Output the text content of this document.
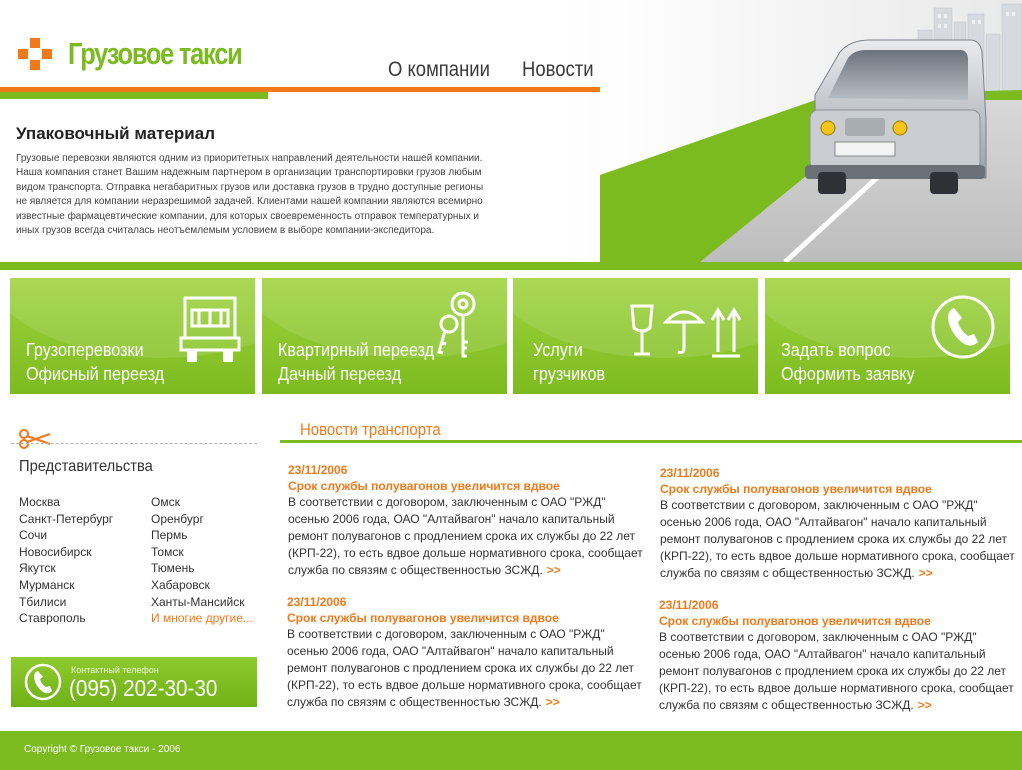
Грузовое такси	О компании Новости
Упаковочный материал

Грузовые перевозки являются одним из приоритетных направлений деятельности нашей компании. Наша компания станет Вашим надежным партнером в организации транспортировки грузов любым видом транспорта. Отправка негабаритных грузов или доставка грузов в трудно доступные регионы не является для компании неразрешимой задачей. Клиентами нашей компании являются всемирно известные фармацевтические компании, для которых своевременность отправок температурных и иных грузов всегда считалась неотъемлемым условием в выборе компании-экспедитора.

Грузоперевозки
Офисный переезд
Квартирный переезд
Дачный переезд
Услуги
грузчиков
Задать вопрос
Оформить заявку
Представительства
Москва
Санкт-Петербург
Сочи
Новосибирск
Якутск
Мурманск
Тбилиси
Ставрополь
Омск
Оренбург
Пермь
Томск
Тюмень
Хабаровск
Ханты-Мансийск
И многие другие...
Контактный телефон
(095) 202-30-30
Новости транспорта
23/11/2006
Срок службы полувагонов увеличится вдвое
В соответствии с договором, заключенным с ОАО "РЖД" осенью 2006 года, ОАО "Алтайвагон" начало капитальный ремонт полувагонов с продлением срока их службы до 22 лет (КРП-22), то есть вдвое дольше нормативного срока, сообщает служба по связям с общественностью ЗСЖД. >>
23/11/2006
Срок службы полувагонов увеличится вдвое
В соответствии с договором, заключенным с ОАО "РЖД" осенью 2006 года, ОАО "Алтайвагон" начало капитальный ремонт полувагонов с продлением срока их службы до 22 лет (КРП-22), то есть вдвое дольше нормативного срока, сообщает служба по связям с общественностью ЗСЖД. >>
23/11/2006
Срок службы полувагонов увеличится вдвое
В соответствии с договором, заключенным с ОАО "РЖД" осенью 2006 года, ОАО "Алтайвагон" начало капитальный ремонт полувагонов с продлением срока их службы до 22 лет (КРП-22), то есть вдвое дольше нормативного срока, сообщает служба по связям с общественностью ЗСЖД. >>
23/11/2006
Срок службы полувагонов увеличится вдвое
В соответствии с договором, заключенным с ОАО "РЖД" осенью 2006 года, ОАО "Алтайвагон" начало капитальный ремонт полувагонов с продлением срока их службы до 22 лет (КРП-22), то есть вдвое дольше нормативного срока, сообщает служба по связям с общественностью ЗСЖД. >>
Copyright © Грузовое такси - 2006
